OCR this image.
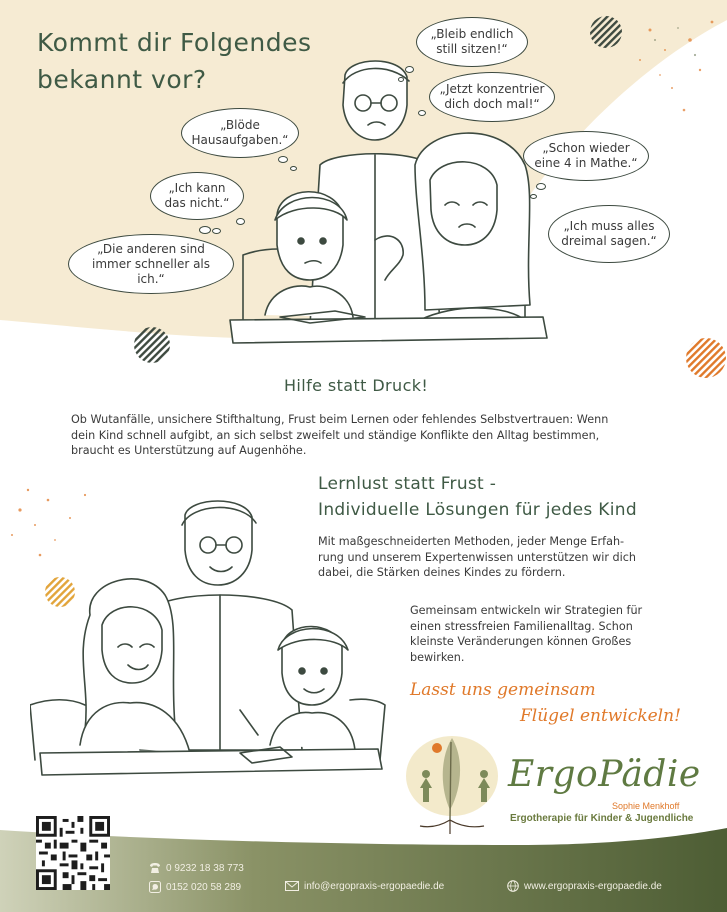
Kommt dir Folgendes
bekannt vor?
„Bleib endlich
still sitzen!“
„Jetzt konzentrier
dich doch mal!“
„Blöde
Hausaufgaben.“
„Schon wieder
eine 4 in Mathe.“
„Ich kann
das nicht.“
„Ich muss alles
dreimal sagen.“
„Die anderen sind
immer schneller als ich.“
Hilfe statt Druck!
Ob Wutanfälle, unsichere Stifthaltung, Frust beim Lernen oder fehlendes Selbstvertrauen: Wenn
dein Kind schnell aufgibt, an sich selbst zweifelt und ständige Konflikte den Alltag bestimmen,
braucht es Unterstützung auf Augenhöhe.
Lernlust statt Frust -
Individuelle Lösungen für jedes Kind
Mit maßgeschneiderten Methoden, jeder Menge Erfah-
rung und unserem Expertenwissen unterstützen wir dich
dabei, die Stärken deines Kindes zu fördern.
Gemeinsam entwickeln wir Strategien für
einen stressfreien Familienalltag. Schon
kleinste Veränderungen können Großes
bewirken.
Lasst uns gemeinsam
Flügel entwickeln!
ErgoPädie
Sophie Menkhoff
Ergotherapie für Kinder & Jugendliche
0 9232 18 38 773
0152 020 58 289	info@ergopraxis-ergopaedie.de	www.ergopraxis-ergopaedie.de
